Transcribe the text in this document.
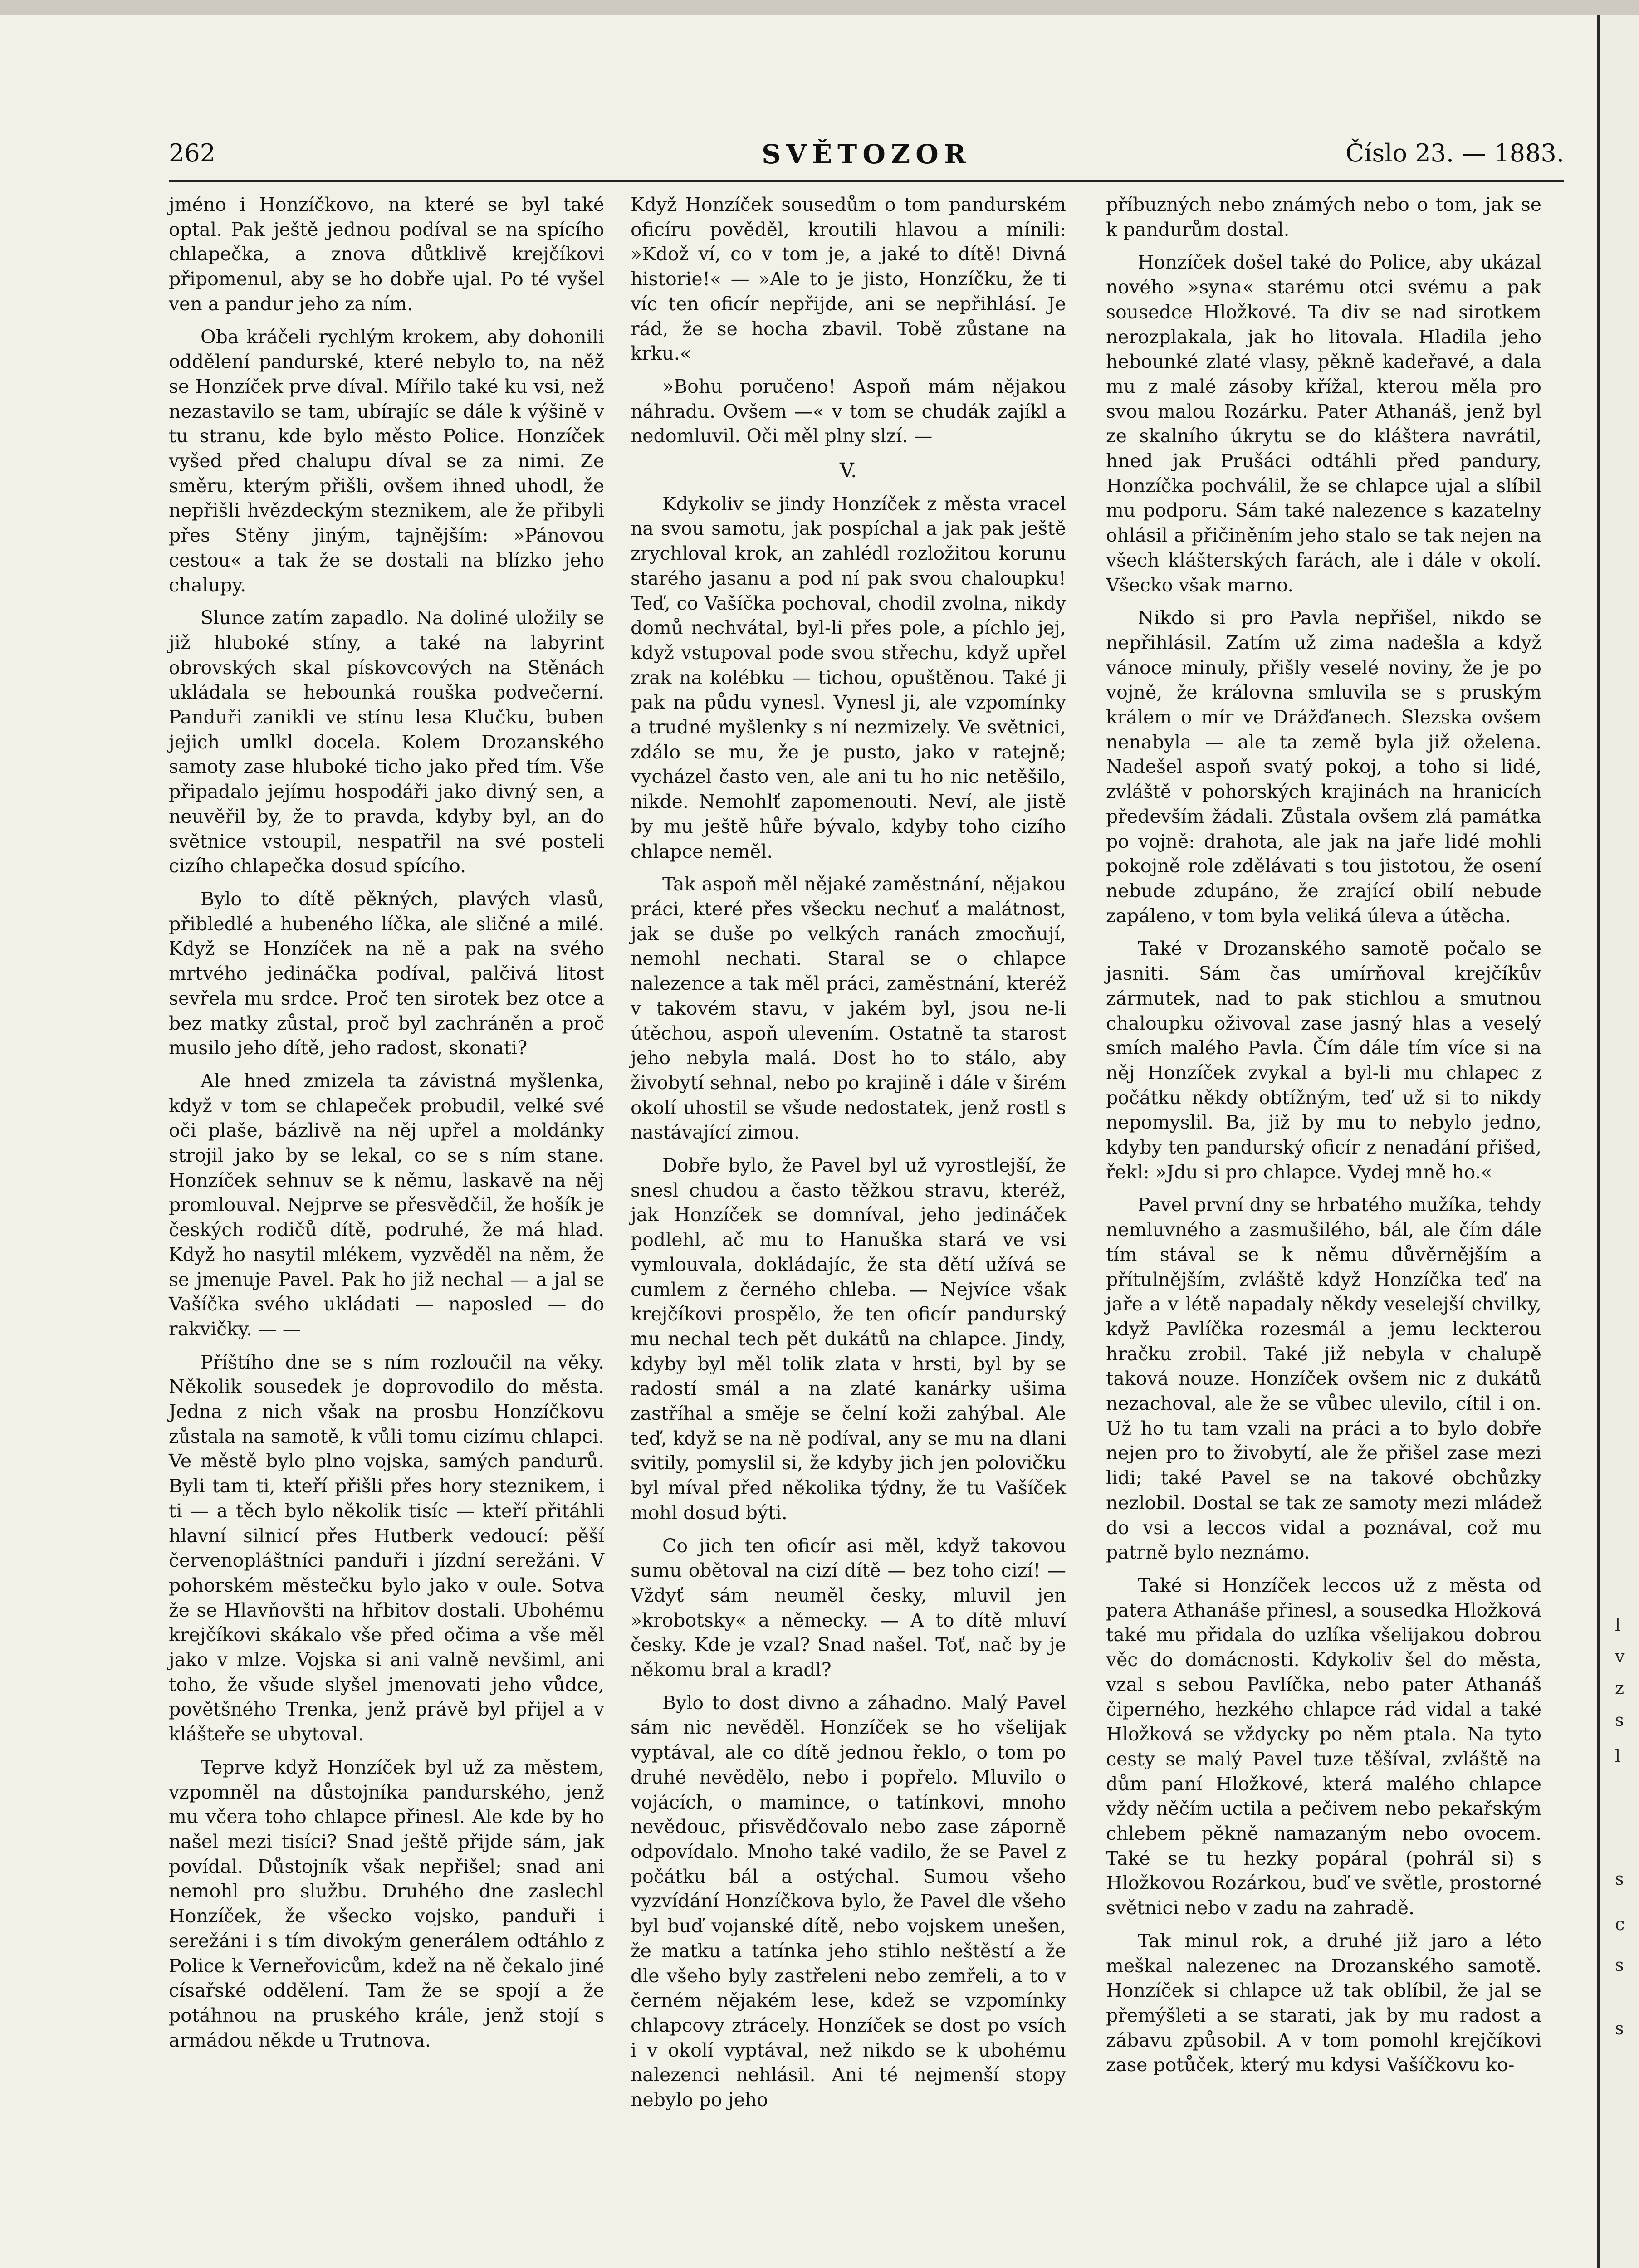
262	SVĚTOZOR	Číslo 23. — 1883.

jméno i Honzíčkovo, na které se byl také optal. Pak ještě jednou podíval se na spícího chlapečka, a znova důtklivě krejčíkovi připomenul, aby se ho dobře ujal. Po té vyšel ven a pandur jeho za ním.

Oba kráčeli rychlým krokem, aby dohonili oddělení pandurské, které nebylo to, na něž se Honzíček prve díval. Mířilo také ku vsi, než nezastavilo se tam, ubírajíc se dále k výšině v tu stranu, kde bylo město Police. Honzíček vyšed před chalupu díval se za nimi. Ze směru, kterým přišli, ovšem ihned uhodl, že nepřišli hvězdeckým steznikem, ale že přibyli přes Stěny jiným, tajnějším: »Pánovou cestou« a tak že se dostali na blízko jeho chalupy.

Slunce zatím zapadlo. Na doliné uložily se již hluboké stíny, a také na labyrint obrovských skal pískovcových na Stěnách ukládala se hebounká rouška podvečerní. Panduři zanikli ve stínu lesa Klučku, buben jejich umlkl docela. Kolem Drozanského samoty zase hluboké ticho jako před tím. Vše připadalo jejímu hospodáři jako divný sen, a neuvěřil by, že to pravda, kdyby byl, an do světnice vstoupil, nespatřil na své posteli cizího chlapečka dosud spícího.

Bylo to dítě pěkných, plavých vlasů, přibledlé a hubeného líčka, ale sličné a milé. Když se Honzíček na ně a pak na svého mrtvého jedináčka podíval, palčivá litost sevřela mu srdce. Proč ten sirotek bez otce a bez matky zůstal, proč byl zachráněn a proč musilo jeho dítě, jeho radost, skonati?

Ale hned zmizela ta závistná myšlenka, když v tom se chlapeček probudil, velké své oči plaše, bázlivě na něj upřel a moldánky strojil jako by se lekal, co se s ním stane. Honzíček sehnuv se k němu, laskavě na něj promlouval. Nejprve se přesvědčil, že hošík je českých rodičů dítě, podruhé, že má hlad. Když ho nasytil mlékem, vyzvěděl na něm, že se jmenuje Pavel. Pak ho již nechal — a jal se Vašíčka svého ukládati — naposled — do rakvičky. — —

Příštího dne se s ním rozloučil na věky. Několik sousedek je doprovodilo do města. Jedna z nich však na prosbu Honzíčkovu zůstala na samotě, k vůli tomu cizímu chlapci. Ve městě bylo plno vojska, samých pandurů. Byli tam ti, kteří přišli přes hory steznikem, i ti — a těch bylo několik tisíc — kteří přitáhli hlavní silnicí přes Hutberk vedoucí: pěší červenopláštníci panduři i jízdní serežáni. V pohorském městečku bylo jako v oule. Sotva že se Hlavňovšti na hřbitov dostali. Ubohému krejčíkovi skákalo vše před očima a vše měl jako v mlze. Vojska si ani valně nevšiml, ani toho, že všude slyšel jmenovati jeho vůdce, povětšného Trenka, jenž právě byl přijel a v klášteře se ubytoval.

Teprve když Honzíček byl už za městem, vzpomněl na důstojníka pandurského, jenž mu včera toho chlapce přinesl. Ale kde by ho našel mezi tisíci? Snad ještě přijde sám, jak povídal. Důstojník však nepřišel; snad ani nemohl pro službu. Druhého dne zaslechl Honzíček, že všecko vojsko, panduři i serežáni i s tím divokým generálem odtáhlo z Police k Verneřovicům, kdež na ně čekalo jiné císařské oddělení. Tam že se spojí a že potáhnou na pruského krále, jenž stojí s armádou někde u Trutnova.

Když Honzíček sousedům o tom pandurském oficíru pověděl, kroutili hlavou a mínili: »Kdož ví, co v tom je, a jaké to dítě! Divná historie!« — »Ale to je jisto, Honzíčku, že ti víc ten oficír nepřijde, ani se nepřihlásí. Je rád, že se hocha zbavil. Tobě zůstane na krku.«

»Bohu poručeno! Aspoň mám nějakou náhradu. Ovšem —« v tom se chudák zajíkl a nedomluvil. Oči měl plny slzí. —

V.

Kdykoliv se jindy Honzíček z města vracel na svou samotu, jak pospíchal a jak pak ještě zrychloval krok, an zahlédl rozložitou korunu starého jasanu a pod ní pak svou chaloupku! Teď, co Vašíčka pochoval, chodil zvolna, nikdy domů nechvátal, byl-li přes pole, a píchlo jej, když vstupoval pode svou střechu, když upřel zrak na kolébku — tichou, opuštěnou. Také ji pak na půdu vynesl. Vynesl ji, ale vzpomínky a trudné myšlenky s ní nezmizely. Ve světnici, zdálo se mu, že je pusto, jako v ratejně; vycházel často ven, ale ani tu ho nic netěšilo, nikde. Nemohlť zapomenouti. Neví, ale jistě by mu ještě hůře bývalo, kdyby toho cizího chlapce neměl.

Tak aspoň měl nějaké zaměstnání, nějakou práci, které přes všecku nechuť a malátnost, jak se duše po velkých ranách zmocňují, nemohl nechati. Staral se o chlapce nalezence a tak měl práci, zaměstnání, kteréž v takovém stavu, v jakém byl, jsou ne-li útěchou, aspoň ulevením. Ostatně ta starost jeho nebyla malá. Dost ho to stálo, aby živobytí sehnal, nebo po krajině i dále v širém okolí uhostil se všude nedostatek, jenž rostl s nastávající zimou.

Dobře bylo, že Pavel byl už vyrostlejší, že snesl chudou a často těžkou stravu, kteréž, jak Honzíček se domníval, jeho jedináček podlehl, ač mu to Hanuška stará ve vsi vymlouvala, dokládajíc, že sta dětí užívá se cumlem z černého chleba. — Nejvíce však krejčíkovi prospělo, že ten oficír pandurský mu nechal tech pět dukátů na chlapce. Jindy, kdyby byl měl tolik zlata v hrsti, byl by se radostí smál a na zlaté kanárky ušima zastříhal a směje se čelní koži zahýbal. Ale teď, když se na ně podíval, any se mu na dlani svitily, pomyslil si, že kdyby jich jen polovičku byl míval před několika týdny, že tu Vašíček mohl dosud býti.

Co jich ten oficír asi měl, když takovou sumu obětoval na cizí dítě — bez toho cizí! — Vždyť sám neuměl česky, mluvil jen »krobotsky« a německy. — A to dítě mluví česky. Kde je vzal? Snad našel. Toť, nač by je někomu bral a kradl?

Bylo to dost divno a záhadno. Malý Pavel sám nic nevěděl. Honzíček se ho všelijak vyptával, ale co dítě jednou řeklo, o tom po druhé nevědělo, nebo i popřelo. Mluvilo o vojácích, o mamince, o tatínkovi, mnoho nevědouc, přisvědčovalo nebo zase záporně odpovídalo. Mnoho také vadilo, že se Pavel z počátku bál a ostýchal. Sumou všeho vyzvídání Honzíčkova bylo, že Pavel dle všeho byl buď vojanské dítě, nebo vojskem unešen, že matku a tatínka jeho stihlo neštěstí a že dle všeho byly zastřeleni nebo zemřeli, a to v černém nějakém lese, kdež se vzpomínky chlapcovy ztrácely. Honzíček se dost po vsích i v okolí vyptával, než nikdo se k ubohému nalezenci nehlásil. Ani té nejmenší stopy nebylo po jeho

příbuzných nebo známých nebo o tom, jak se k pandurům dostal.

Honzíček došel také do Police, aby ukázal nového »syna« starému otci svému a pak sousedce Hložkové. Ta div se nad sirotkem nerozplakala, jak ho litovala. Hladila jeho hebounké zlaté vlasy, pěkně kadeřavé, a dala mu z malé zásoby křížal, kterou měla pro svou malou Rozárku. Pater Athanáš, jenž byl ze skalního úkrytu se do kláštera navrátil, hned jak Prušáci odtáhli před pandury, Honzíčka pochválil, že se chlapce ujal a slíbil mu podporu. Sám také nalezence s kazatelny ohlásil a přičiněním jeho stalo se tak nejen na všech klášterských farách, ale i dále v okolí. Všecko však marno.

Nikdo si pro Pavla nepřišel, nikdo se nepřihlásil. Zatím už zima nadešla a když vánoce minuly, přišly veselé noviny, že je po vojně, že královna smluvila se s pruským králem o mír ve Drážďanech. Slezska ovšem nenabyla — ale ta země byla již oželena. Nadešel aspoň svatý pokoj, a toho si lidé, zvláště v pohorských krajinách na hranicích především žádali. Zůstala ovšem zlá památka po vojně: drahota, ale jak na jaře lidé mohli pokojně role zdělávati s tou jistotou, že osení nebude zdupáno, že zrající obilí nebude zapáleno, v tom byla veliká úleva a útěcha.

Také v Drozanského samotě počalo se jasniti. Sám čas umírňoval krejčíkův zármutek, nad to pak stichlou a smutnou chaloupku oživoval zase jasný hlas a veselý smích malého Pavla. Čím dále tím více si na něj Honzíček zvykal a byl-li mu chlapec z počátku někdy obtížným, teď už si to nikdy nepomyslil. Ba, již by mu to nebylo jedno, kdyby ten pandurský oficír z nenadání přišed, řekl: »Jdu si pro chlapce. Vydej mně ho.«

Pavel první dny se hrbatého mužíka, tehdy nemluvného a zasmušilého, bál, ale čím dále tím stával se k němu důvěrnějším a přítulnějším, zvláště když Honzíčka teď na jaře a v létě napadaly někdy veselejší chvilky, když Pavlíčka rozesmál a jemu leckterou hračku zrobil. Také již nebyla v chalupě taková nouze. Honzíček ovšem nic z dukátů nezachoval, ale že se vůbec ulevilo, cítil i on. Už ho tu tam vzali na práci a to bylo dobře nejen pro to živobytí, ale že přišel zase mezi lidi; také Pavel se na takové obchůzky nezlobil. Dostal se tak ze samoty mezi mládež do vsi a leccos vidal a poznával, což mu patrně bylo neznámo.

Také si Honzíček leccos už z města od patera Athanáše přinesl, a sousedka Hložková také mu přidala do uzlíka všelijakou dobrou věc do domácnosti. Kdykoliv šel do města, vzal s sebou Pavlíčka, nebo pater Athanáš čiperného, hezkého chlapce rád vidal a také Hložková se vždycky po něm ptala. Na tyto cesty se malý Pavel tuze těšíval, zvláště na dům paní Hložkové, která malého chlapce vždy něčím uctila a pečivem nebo pekařským chlebem pěkně namazaným nebo ovocem. Také se tu hezky popáral (pohrál si) s Hložkovou Rozárkou, buď ve světle, prostorné světnici nebo v zadu na zahradě.

Tak minul rok, a druhé již jaro a léto meškal nalezenec na Drozanského samotě. Honzíček si chlapce už tak oblíbil, že jal se přemýšleti a se starati, jak by mu radost a zábavu způsobil. A v tom pomohl krejčíkovi zase potůček, který mu kdysi Vašíčkovu ko-

l
v
z
s
l
s
c
s
s
